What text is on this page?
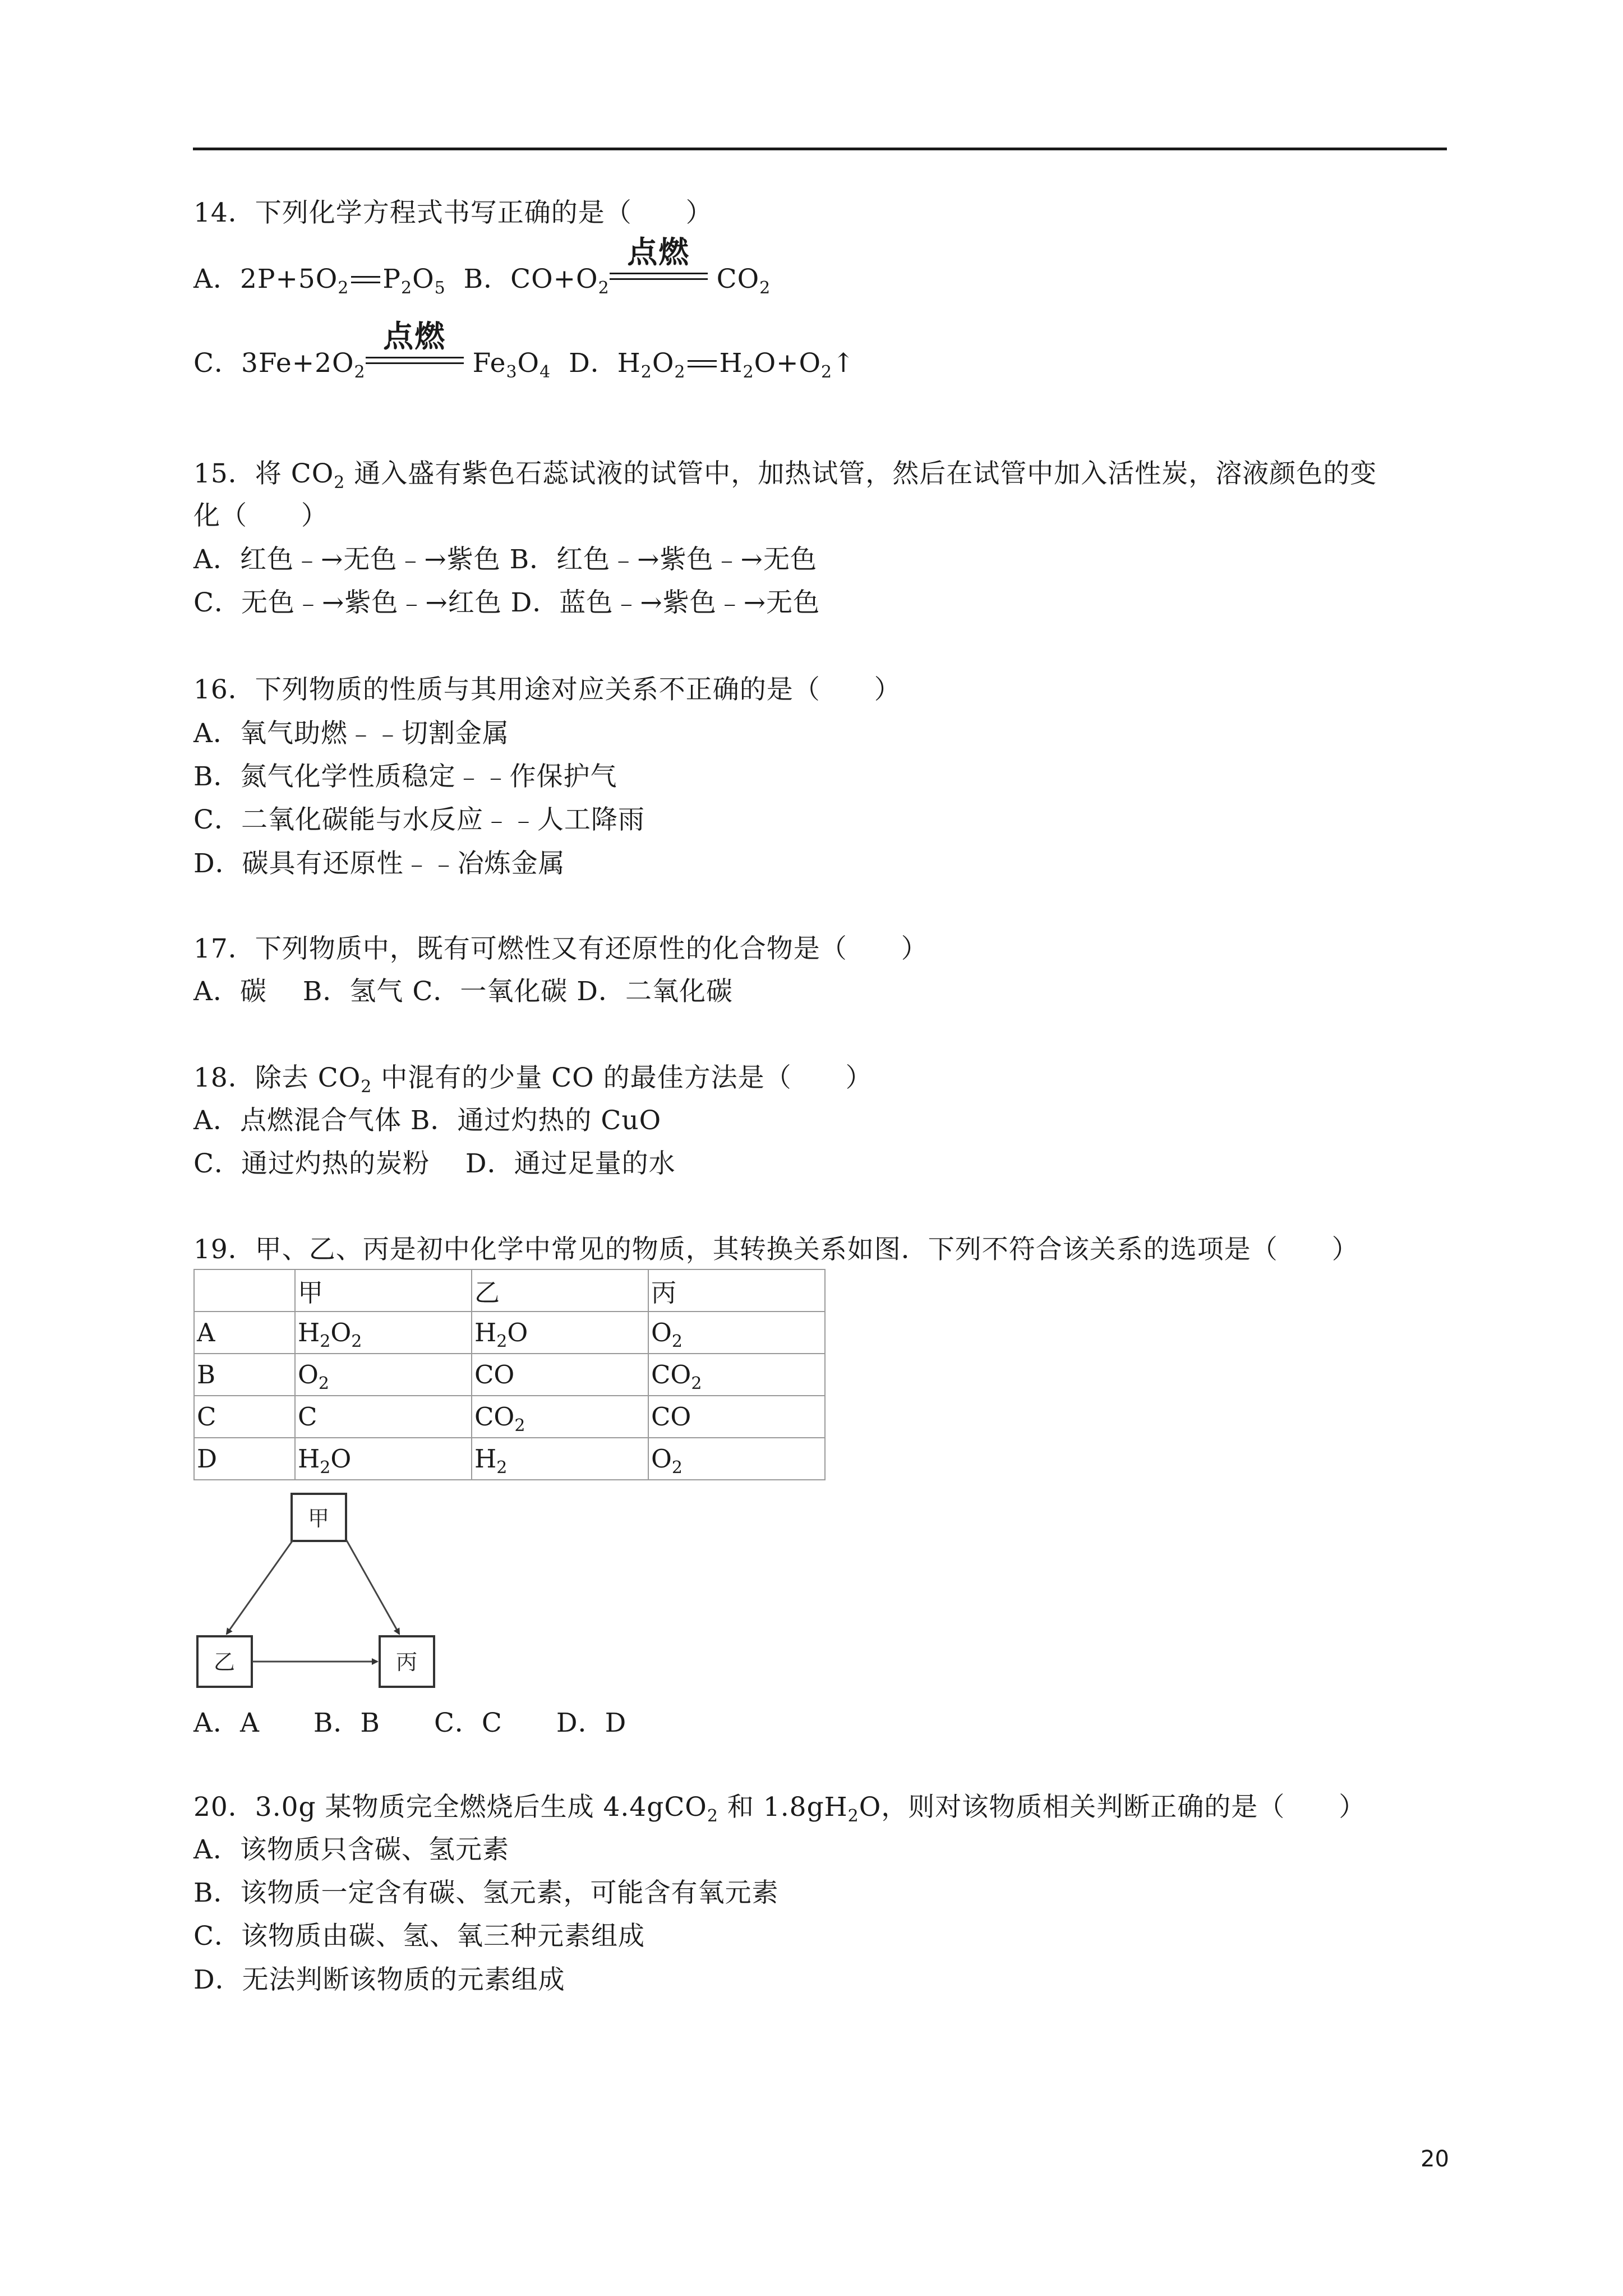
14．下列化学方程式书写正确的是（　　）
A．$2P+5O_2$ $P_2O_5$ B．$CO+O_2$
点燃
$CO_2$
C．$3Fe+2O_2$
点燃
$Fe_3O_4$ D．$H_2O_2$ $H_2O+O_2↑$
15．将 $CO_2$ 通入盛有紫色石蕊试液的试管中，加热试管，然后在试管中加入活性炭，溶液颜色的变
化（　　）
A．红色﹣→无色﹣→紫色 B．红色﹣→紫色﹣→无色
C．无色﹣→紫色﹣→红色 D．蓝色﹣→紫色﹣→无色
16．下列物质的性质与其用途对应关系不正确的是（　　）
A．氧气助燃﹣﹣切割金属
B．氮气化学性质稳定﹣﹣作保护气
C．二氧化碳能与水反应﹣﹣人工降雨
D．碳具有还原性﹣﹣冶炼金属
17．下列物质中，既有可燃性又有还原性的化合物是（　　）
A．碳　 B．氢气 C．一氧化碳 D．二氧化碳
18．除去 $CO_2$ 中混有的少量 CO 的最佳方法是（　　）
A．点燃混合气体 B．通过灼热的 CuO
C．通过灼热的炭粉　 D．通过足量的水
19．甲、乙、丙是初中化学中常见的物质，其转换关系如图．下列不符合该关系的选项是（　　）
	甲	乙	丙
A	$H_2O_2$	$H_2O$	$O_2$
B	$O_2$	CO	$CO_2$
C	C	$CO_2$	CO
D	$H_2O$	$H_2$	$O_2$
甲
乙	丙
A．A　　B．B　　C．C　　D．D
20．3.0g 某物质完全燃烧后生成 4.4gCO$_2$ 和 $1.8gH_2O$，则对该物质相关判断正确的是（　　）
A．该物质只含碳、氢元素
B．该物质一定含有碳、氢元素，可能含有氧元素
C．该物质由碳、氢、氧三种元素组成
D．无法判断该物质的元素组成
20
